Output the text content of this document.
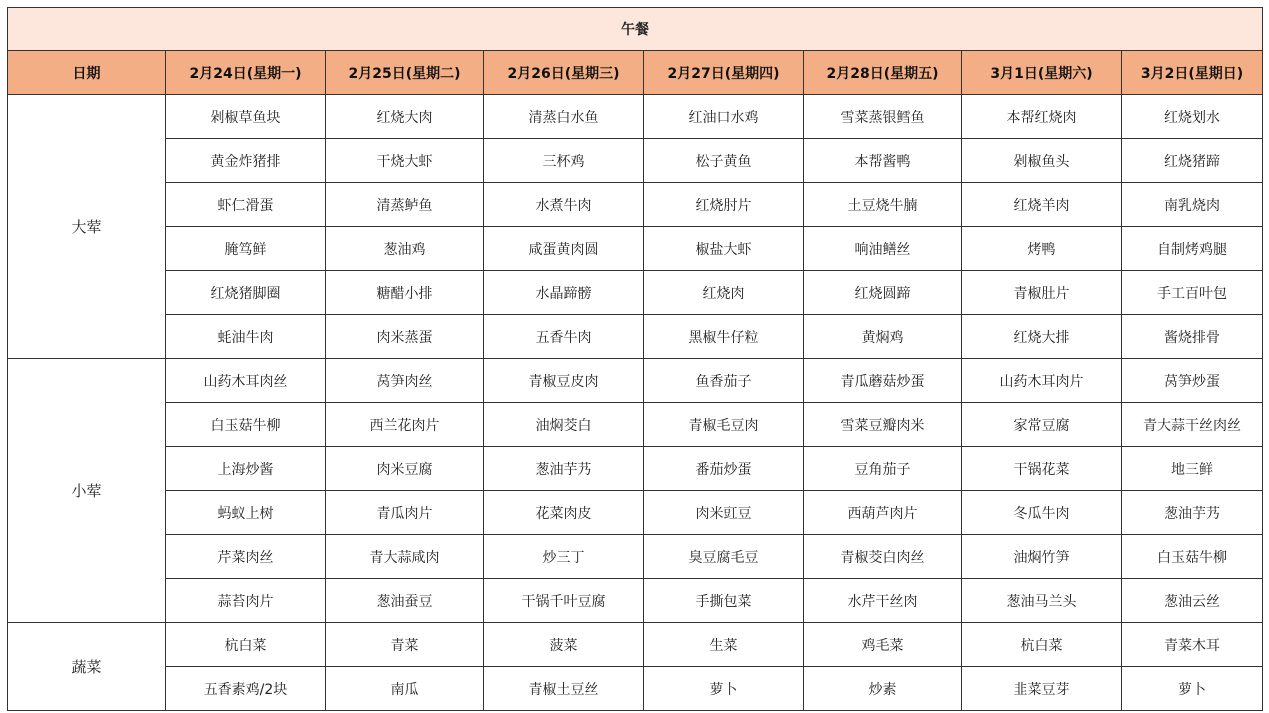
午餐							
日期	2月24日(星期一)	2月25日(星期二)	2月26日(星期三)	2月27日(星期四)	2月28日(星期五)	3月1日(星期六)	3月2日(星期日)
大荤	剁椒草鱼块	红烧大肉	清蒸白水鱼	红油口水鸡	雪菜蒸银鳕鱼	本帮红烧肉	红烧划水
	黄金炸猪排	干烧大虾	三杯鸡	松子黄鱼	本帮酱鸭	剁椒鱼头	红烧猪蹄
	虾仁滑蛋	清蒸鲈鱼	水煮牛肉	红烧肘片	土豆烧牛腩	红烧羊肉	南乳烧肉
	腌笃鲜	葱油鸡	咸蛋黄肉圆	椒盐大虾	响油鳝丝	烤鸭	自制烤鸡腿
	红烧猪脚圈	糖醋小排	水晶蹄髈	红烧肉	红烧圆蹄	青椒肚片	手工百叶包
	蚝油牛肉	肉米蒸蛋	五香牛肉	黑椒牛仔粒	黄焖鸡	红烧大排	酱烧排骨
小荤	山药木耳肉丝	莴笋肉丝	青椒豆皮肉	鱼香茄子	青瓜蘑菇炒蛋	山药木耳肉片	莴笋炒蛋
	白玉菇牛柳	西兰花肉片	油焖茭白	青椒毛豆肉	雪菜豆瓣肉米	家常豆腐	青大蒜干丝肉丝
	上海炒酱	肉米豆腐	葱油芋艿	番茄炒蛋	豆角茄子	干锅花菜	地三鲜
	蚂蚁上树	青瓜肉片	花菜肉皮	肉米豇豆	西葫芦肉片	冬瓜牛肉	葱油芋艿
	芹菜肉丝	青大蒜咸肉	炒三丁	臭豆腐毛豆	青椒茭白肉丝	油焖竹笋	白玉菇牛柳
	蒜苔肉片	葱油蚕豆	干锅千叶豆腐	手撕包菜	水芹干丝肉	葱油马兰头	葱油云丝
蔬菜	杭白菜	青菜	菠菜	生菜	鸡毛菜	杭白菜	青菜木耳
	五香素鸡/2块	南瓜	青椒土豆丝	萝卜	炒素	韭菜豆芽	萝卜
